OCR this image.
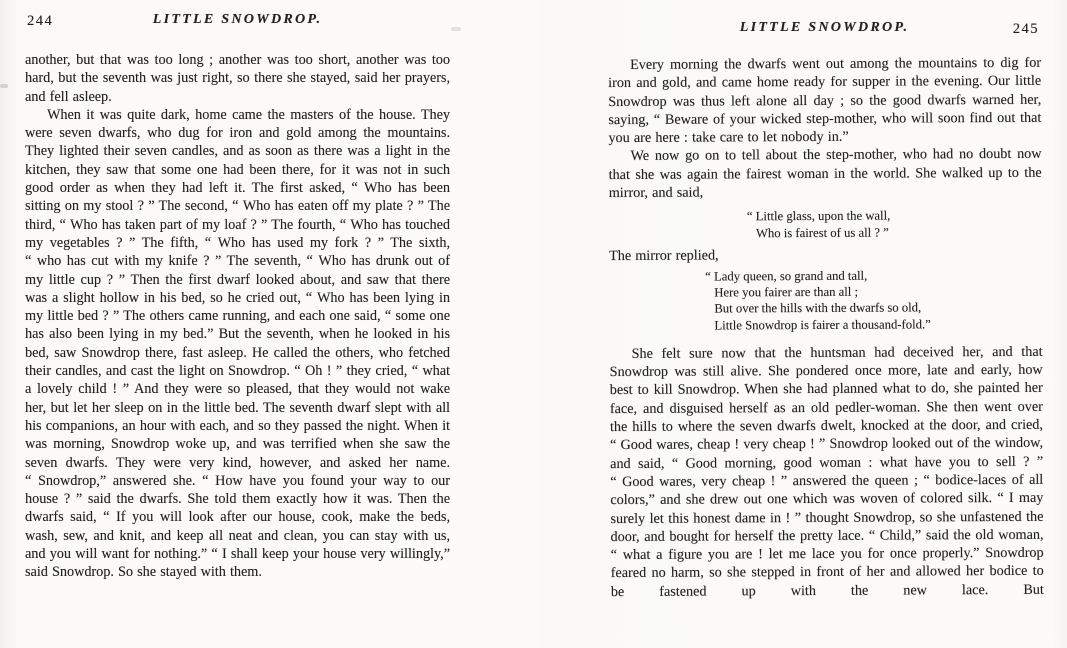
244	LITTLE SNOWDROP.

another, but that was too long ; another was too short, another was too hard, but the seventh was just right, so there she stayed, said her prayers, and fell asleep.

When it was quite dark, home came the masters of the house. They were seven dwarfs, who dug for iron and gold among the mountains. They lighted their seven candles, and as soon as there was a light in the kitchen, they saw that some one had been there, for it was not in such good order as when they had left it. The first asked, “ Who has been sitting on my stool ? ” The second, “ Who has eaten off my plate ? ” The third, “ Who has taken part of my loaf ? ” The fourth, “ Who has touched my vegetables ? ” The fifth, “ Who has used my fork ? ” The sixth, “ who has cut with my knife ? ” The seventh, “ Who has drunk out of my little cup ? ” Then the first dwarf looked about, and saw that there was a slight hollow in his bed, so he cried out, “ Who has been lying in my little bed ? ” The others came running, and each one said, “ some one has also been lying in my bed.” But the seventh, when he looked in his bed, saw Snowdrop there, fast asleep. He called the others, who fetched their candles, and cast the light on Snowdrop. “ Oh ! ” they cried, “ what a lovely child ! ” And they were so pleased, that they would not wake her, but let her sleep on in the little bed. The seventh dwarf slept with all his companions, an hour with each, and so they passed the night. When it was morning, Snowdrop woke up, and was terrified when she saw the seven dwarfs. They were very kind, however, and asked her name. “ Snowdrop,” answered she. “ How have you found your way to our house ? ” said the dwarfs. She told them exactly how it was. Then the dwarfs said, “ If you will look after our house, cook, make the beds, wash, sew, and knit, and keep all neat and clean, you can stay with us, and you will want for nothing.” “ I shall keep your house very willingly,” said Snowdrop. So she stayed with them.

LITTLE SNOWDROP.	245

Every morning the dwarfs went out among the mountains to dig for iron and gold, and came home ready for supper in the evening. Our little Snowdrop was thus left alone all day ; so the good dwarfs warned her, saying, “ Beware of your wicked step-mother, who will soon find out that you are here : take care to let nobody in.”

We now go on to tell about the step-mother, who had no doubt now that she was again the fairest woman in the world. She walked up to the mirror, and said,

“ Little glass, upon the wall,
Who is fairest of us all ? ”

The mirror replied,

“ Lady queen, so grand and tall,
Here you fairer are than all ;
But over the hills with the dwarfs so old,
Little Snowdrop is fairer a thousand-fold.”

She felt sure now that the huntsman had deceived her, and that Snowdrop was still alive. She pondered once more, late and early, how best to kill Snowdrop. When she had planned what to do, she painted her face, and disguised herself as an old pedler-woman. She then went over the hills to where the seven dwarfs dwelt, knocked at the door, and cried, “ Good wares, cheap ! very cheap ! ” Snowdrop looked out of the window, and said, “ Good morning, good woman : what have you to sell ? ” “ Good wares, very cheap ! ” answered the queen ; “ bodice-laces of all colors,” and she drew out one which was woven of colored silk. “ I may surely let this honest dame in ! ” thought Snowdrop, so she unfastened the door, and bought for herself the pretty lace. “ Child,” said the old woman, “ what a figure you are ! let me lace you for once properly.” Snowdrop feared no harm, so she stepped in front of her and allowed her bodice to be fastened up with the new lace. But
